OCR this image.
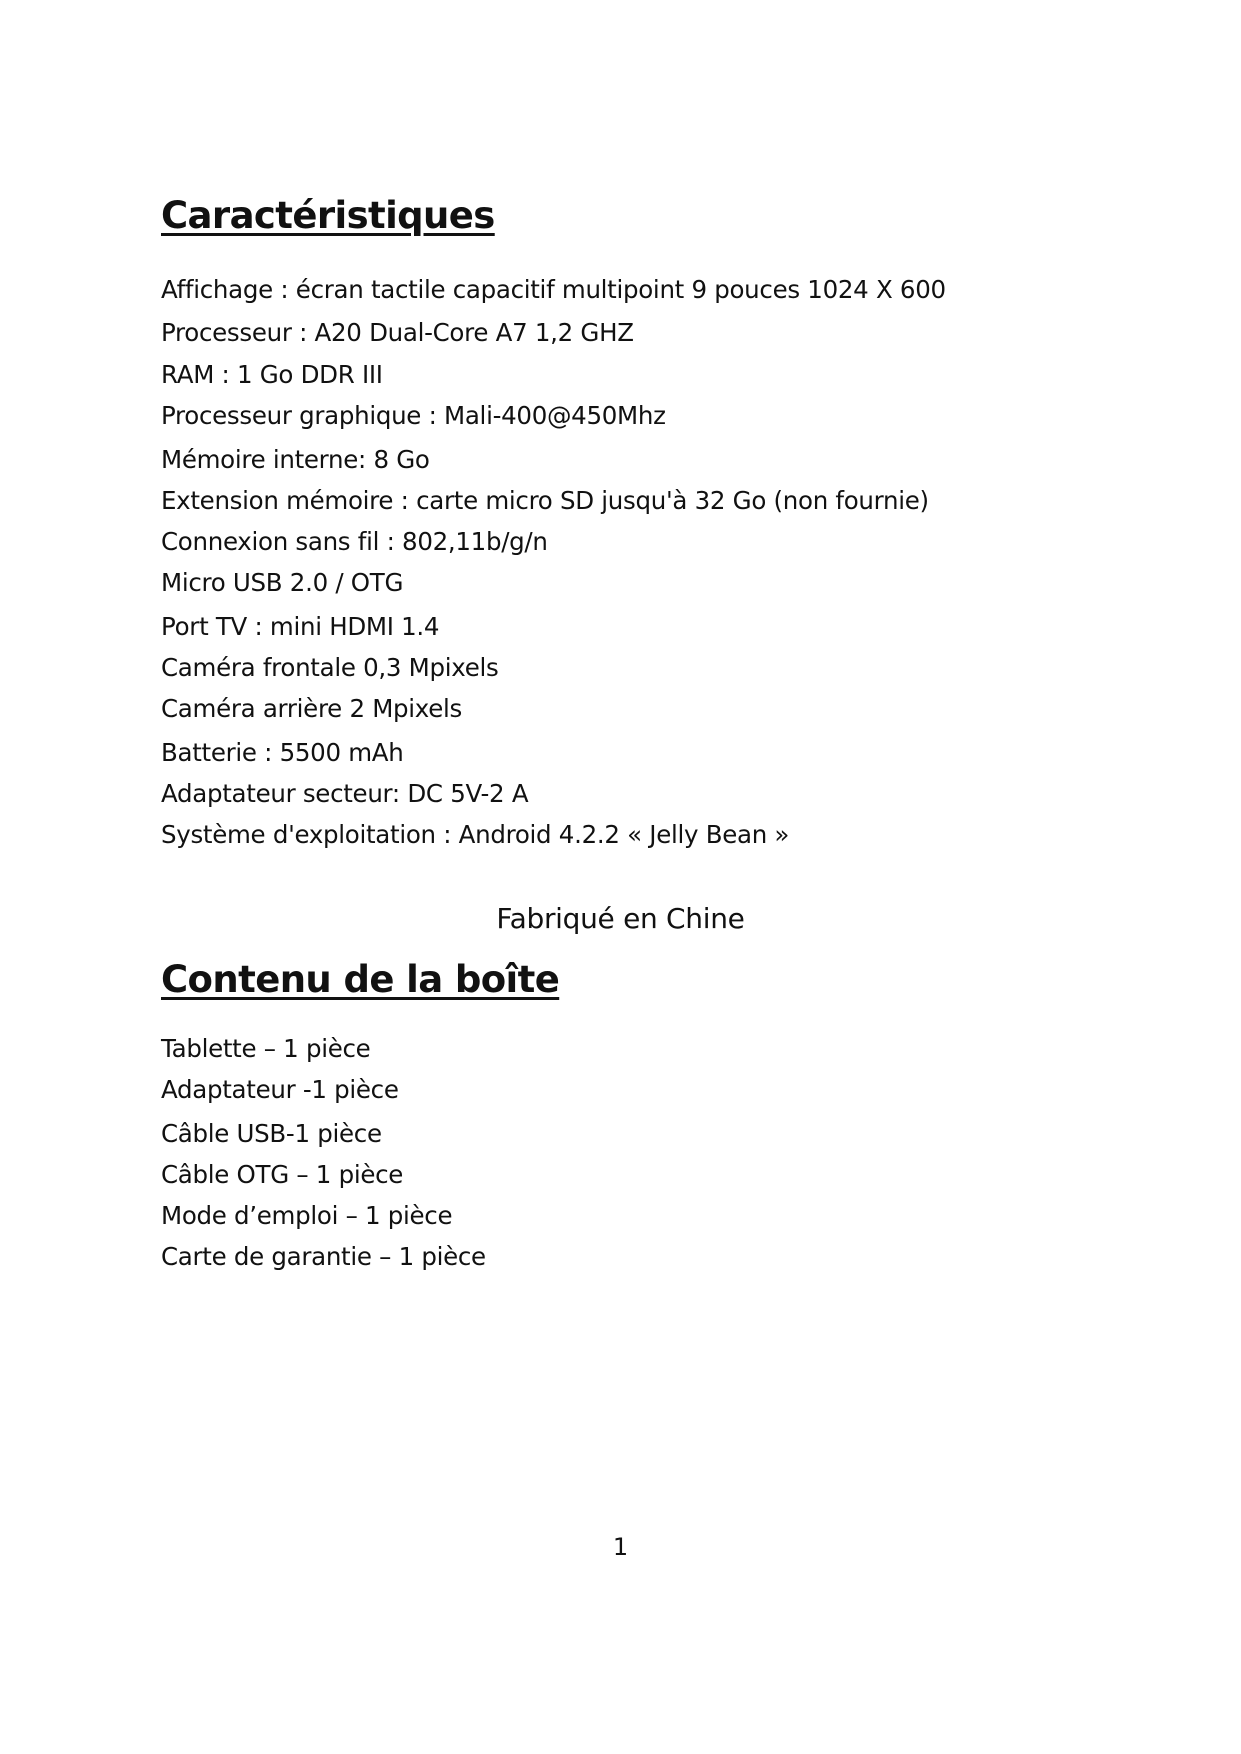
Caractéristiques

Affichage : écran tactile capacitif multipoint 9 pouces 1024 X 600

Processeur : A20 Dual-Core A7 1,2 GHZ

RAM : 1 Go DDR III

Processeur graphique : Mali-400@450Mhz

Mémoire interne: 8 Go

Extension mémoire : carte micro SD jusqu'à 32 Go (non fournie)

Connexion sans fil : 802,11b/g/n

Micro USB 2.0 / OTG

Port TV : mini HDMI 1.4

Caméra frontale 0,3 Mpixels

Caméra arrière 2 Mpixels

Batterie : 5500 mAh

Adaptateur secteur: DC 5V-2 A

Système d'exploitation : Android 4.2.2 « Jelly Bean »

Fabriqué en Chine

Contenu de la boîte

Tablette – 1 pièce

Adaptateur -1 pièce

Câble USB-1 pièce

Câble OTG – 1 pièce

Mode d’emploi – 1 pièce

Carte de garantie – 1 pièce

1
